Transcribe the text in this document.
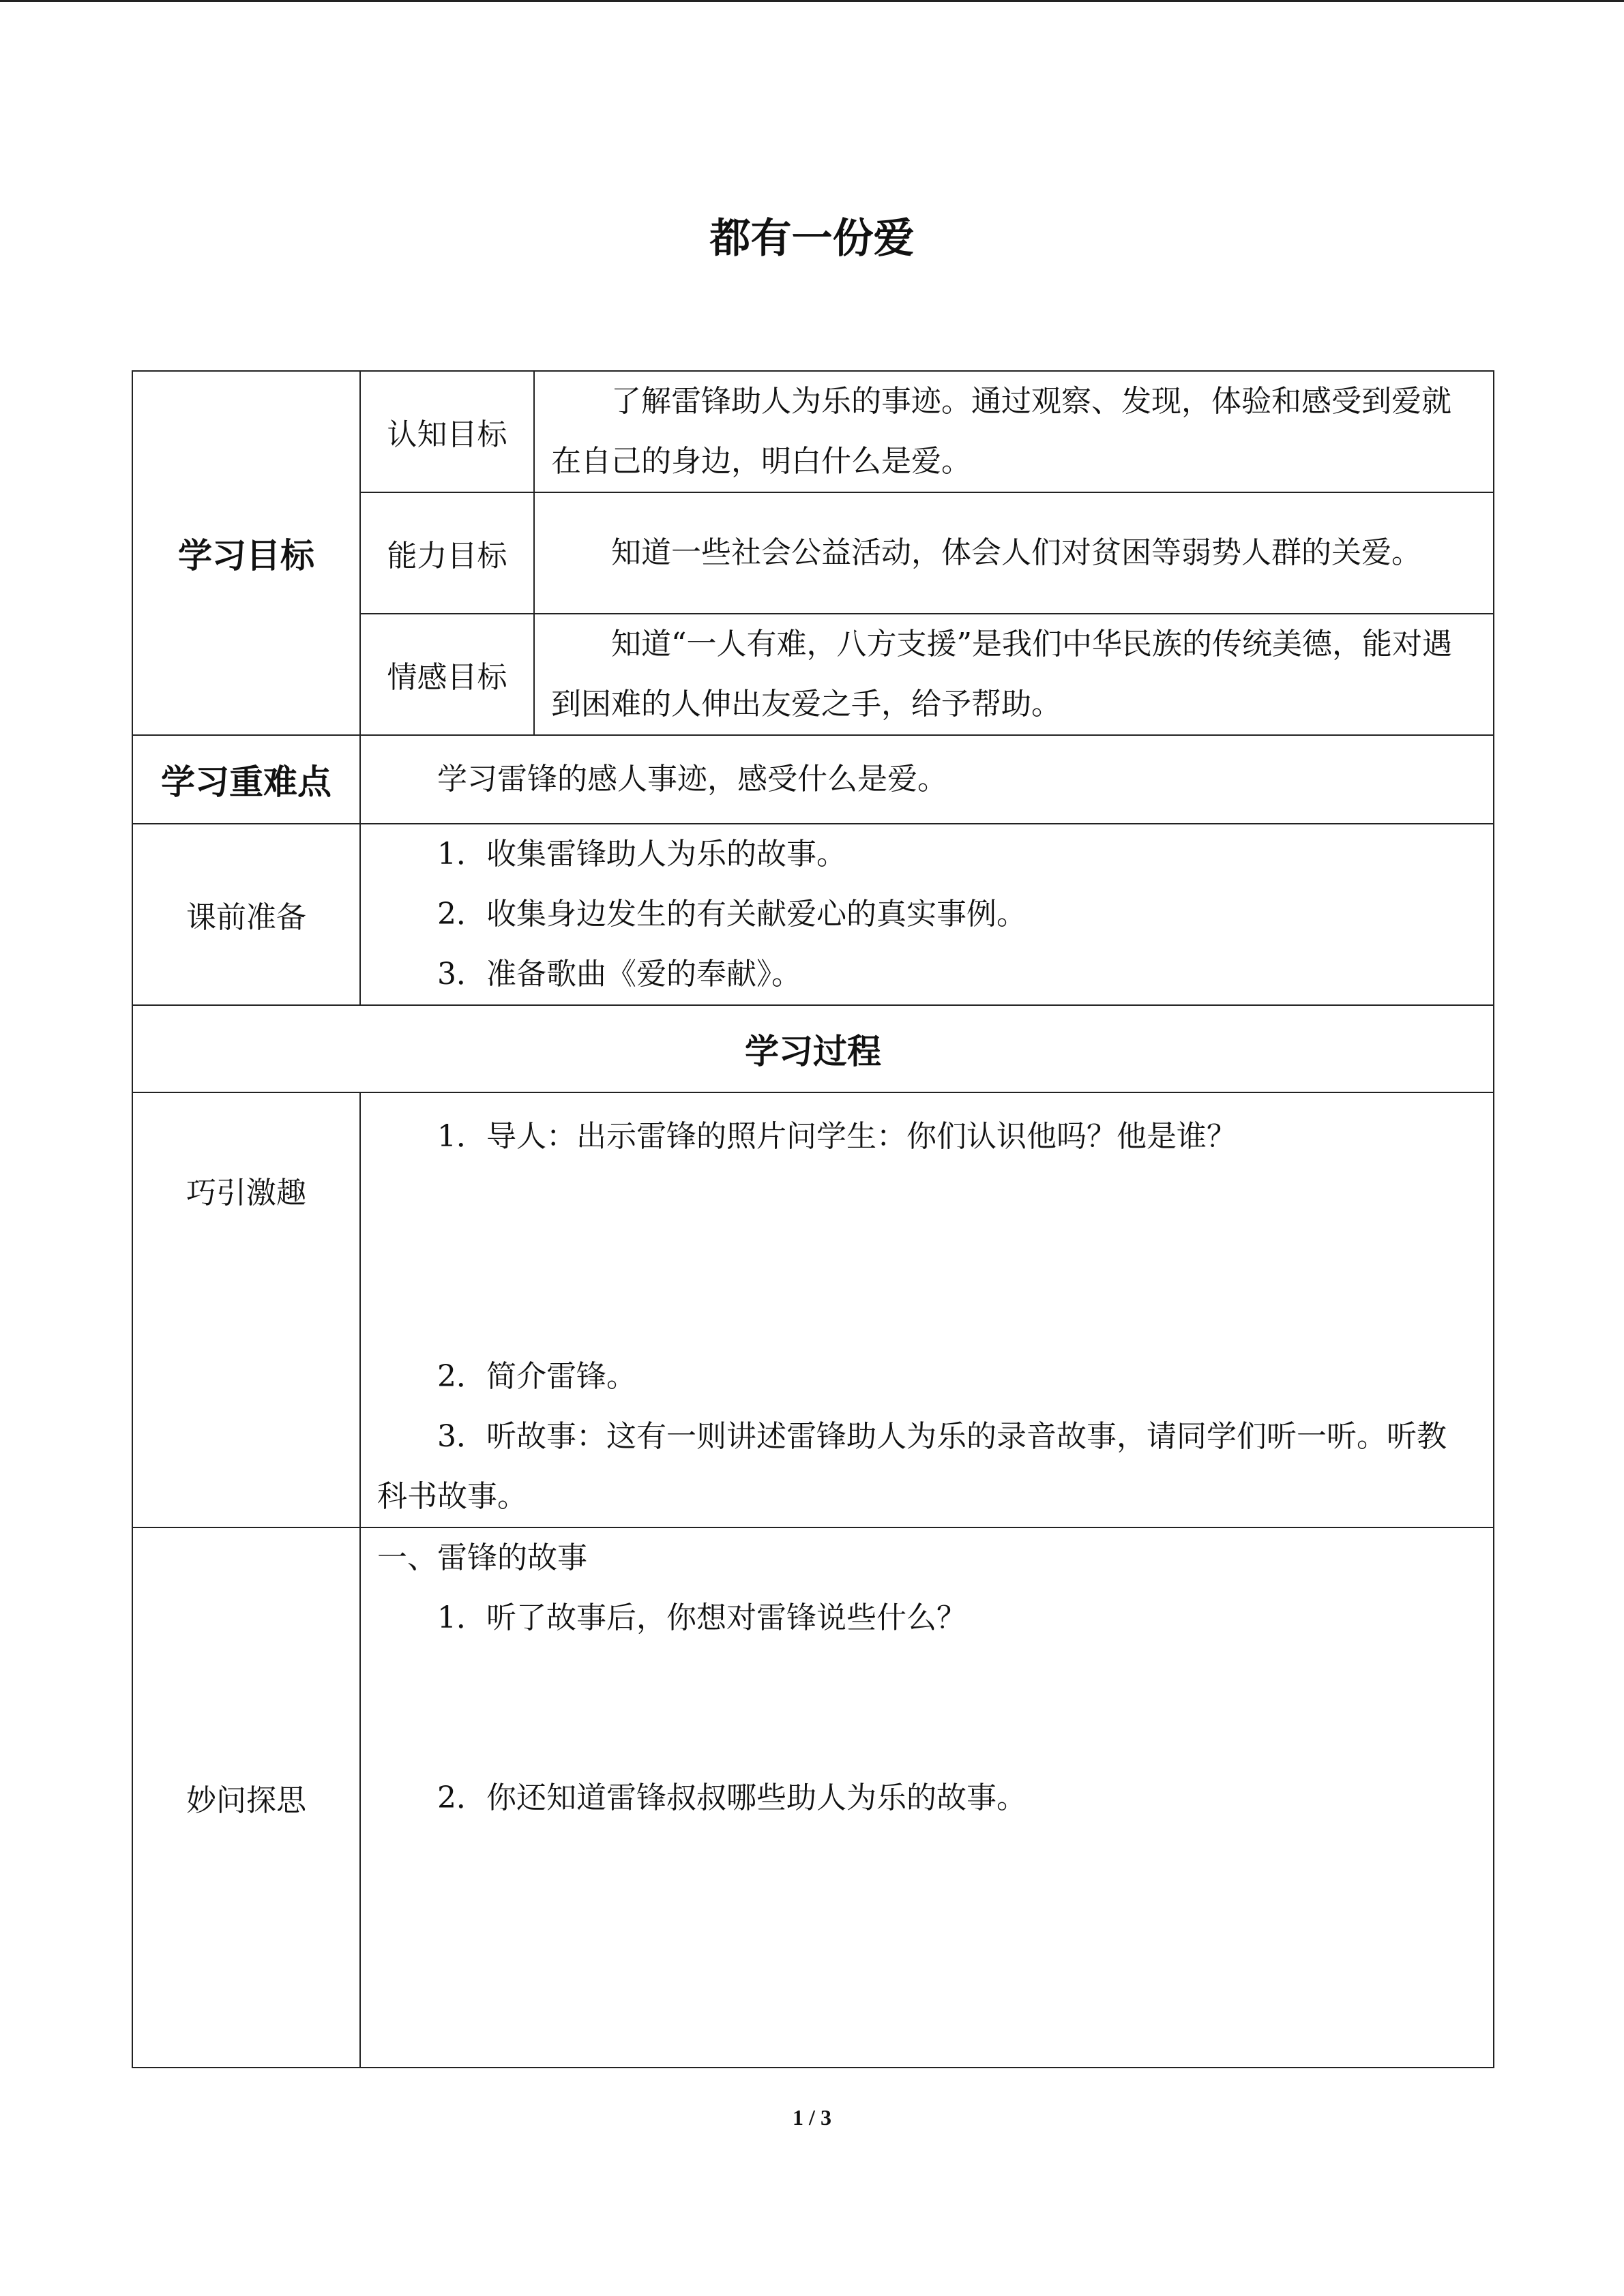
都有一份爱
学习目标	认知目标	了解雷锋助人为乐的事迹。通过观察、发现，体验和感受到爱就在自己的身边，明白什么是爱。
	能力目标	知道一些社会公益活动，体会人们对贫困等弱势人群的关爱。
	情感目标	知道“一人有难，八方支援”是我们中华民族的传统美德，能对遇到困难的人伸出友爱之手，给予帮助。
学习重难点	学习雷锋的感人事迹，感受什么是爱。	

课前准备	1．收集雷锋助人为乐的故事。

2．收集身边发生的有关献爱心的真实事例。

3．准备歌曲《爱的奉献》。	

学习过程		
巧引激趣	1．导人：出示雷锋的照片问学生：你们认识他吗？他是谁？

2．简介雷锋。

3．听故事：这有一则讲述雷锋助人为乐的录音故事，请同学们听一听。听教科书故事。	

妙问探思	一、雷锋的故事

1．听了故事后，你想对雷锋说些什么？

2．你还知道雷锋叔叔哪些助人为乐的故事。	

1 / 3
